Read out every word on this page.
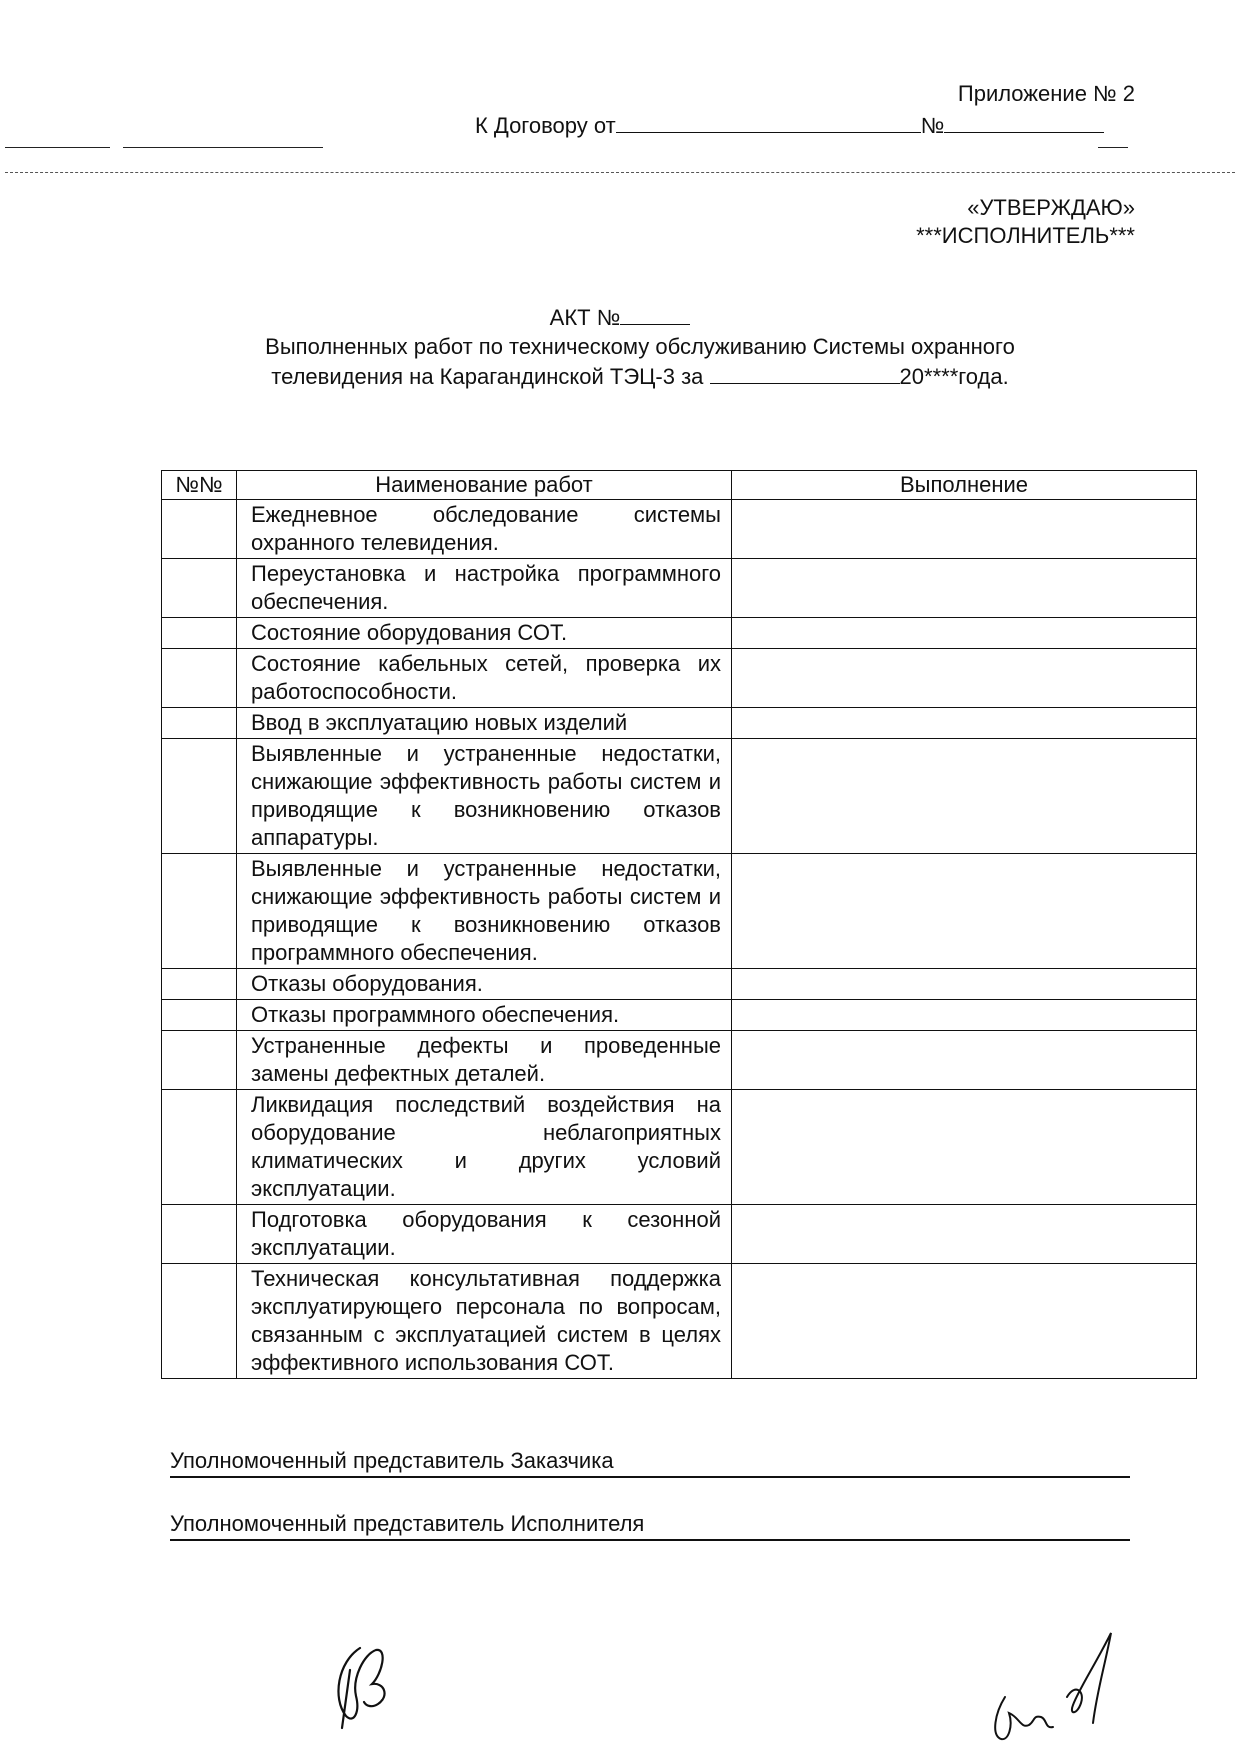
Приложение № 2
К Договору от	№
«УТВЕРЖДАЮ»
***ИСПОЛНИТЕЛЬ***
АКТ №
Выполненных работ по техническому обслуживанию Системы охранного телевидения на Карагандинской ТЭЦ-3 за	20****года.
№№	Наименование работ	Выполнение
	Ежедневное обследование системы охранного телевидения.	
	Переустановка и настройка программного обеспечения.	
	Состояние оборудования СОТ.	
	Состояние кабельных сетей, проверка их работоспособности.	
	Ввод в эксплуатацию новых изделий	
	Выявленные и устраненные недостатки, снижающие эффективность работы систем и приводящие к возникновению отказов аппаратуры.	
	Выявленные и устраненные недостатки, снижающие эффективность работы систем и приводящие к возникновению отказов программного обеспечения.	
	Отказы оборудования.	
	Отказы программного обеспечения.	
	Устраненные дефекты и проведенные замены дефектных деталей.	
	Ликвидация последствий воздействия на оборудование неблагоприятных климатических и других условий эксплуатации.	
	Подготовка оборудования к сезонной эксплуатации.	
	Техническая консультативная поддержка эксплуатирующего персонала по вопросам, связанным с эксплуатацией систем в целях эффективного использования СОТ.	
Уполномоченный представитель Заказчика
Уполномоченный представитель Исполнителя
